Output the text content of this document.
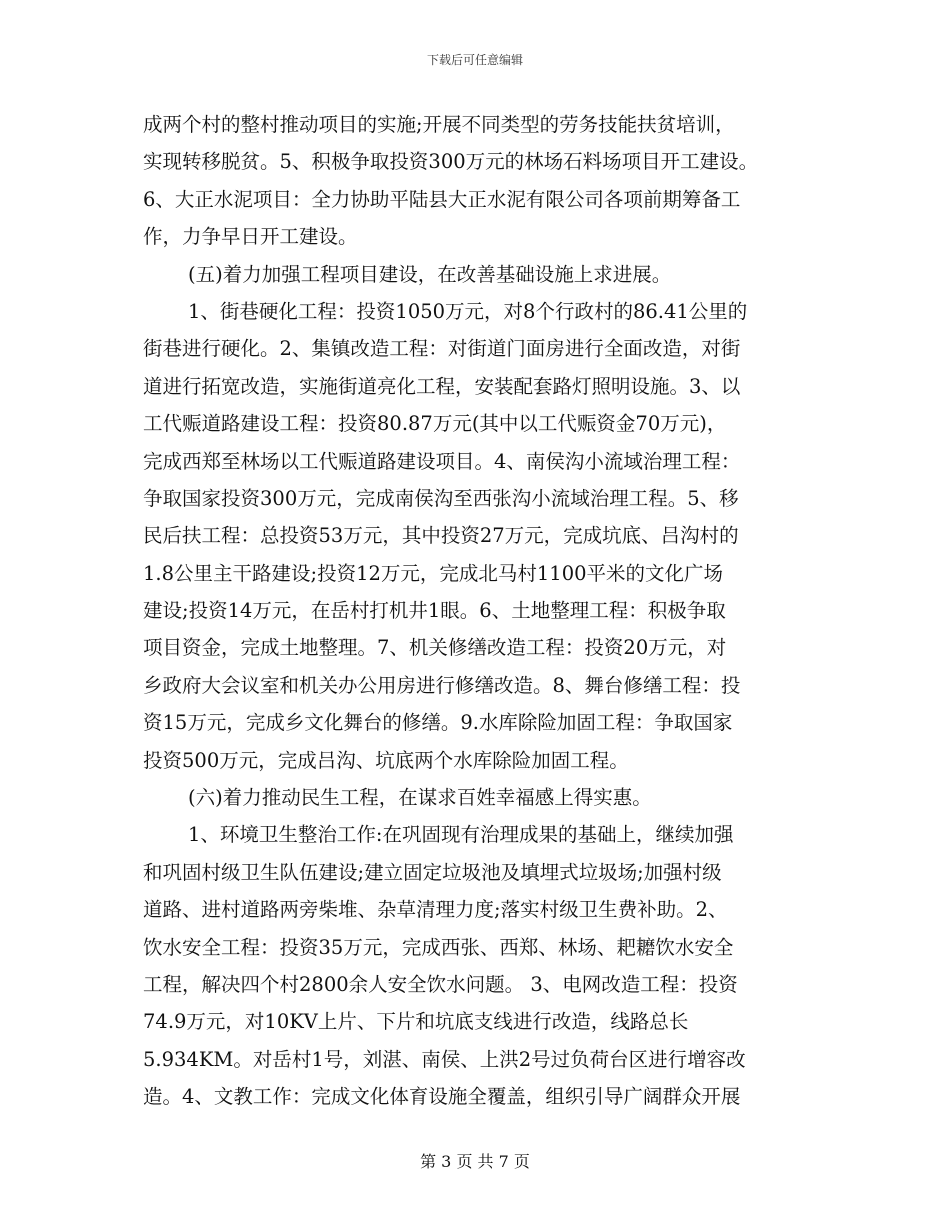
下载后可任意编辑
成两个村的整村推动项目的实施;开展不同类型的劳务技能扶贫培训，
实现转移脱贫。5、积极争取投资300万元的林场石料场项目开工建设。
6、大正水泥项目：全力协助平陆县大正水泥有限公司各项前期筹备工
作，力争早日开工建设。
(五)着力加强工程项目建设，在改善基础设施上求进展。
1、街巷硬化工程：投资1050万元，对8个行政村的86.41公里的
街巷进行硬化。2、集镇改造工程：对街道门面房进行全面改造，对街
道进行拓宽改造，实施街道亮化工程，安装配套路灯照明设施。3、以
工代赈道路建设工程：投资80.87万元(其中以工代赈资金70万元)，
完成西郑至林场以工代赈道路建设项目。4、南侯沟小流域治理工程：
争取国家投资300万元，完成南侯沟至西张沟小流域治理工程。5、移
民后扶工程：总投资53万元，其中投资27万元，完成坑底、吕沟村的
1.8公里主干路建设;投资12万元，完成北马村1100平米的文化广场
建设;投资14万元，在岳村打机井1眼。6、土地整理工程：积极争取
项目资金，完成土地整理。7、机关修缮改造工程：投资20万元，对
乡政府大会议室和机关办公用房进行修缮改造。8、舞台修缮工程：投
资15万元，完成乡文化舞台的修缮。9.水库除险加固工程：争取国家
投资500万元，完成吕沟、坑底两个水库除险加固工程。
(六)着力推动民生工程，在谋求百姓幸福感上得实惠。
1、环境卫生整治工作:在巩固现有治理成果的基础上，继续加强
和巩固村级卫生队伍建设;建立固定垃圾池及填埋式垃圾场;加强村级
道路、进村道路两旁柴堆、杂草清理力度;落实村级卫生费补助。2、
饮水安全工程：投资35万元，完成西张、西郑、林场、耙耱饮水安全
工程，解决四个村2800余人安全饮水问题。 3、电网改造工程：投资
74.9万元，对10KV上片、下片和坑底支线进行改造，线路总长
5.934KM。对岳村1号，刘湛、南侯、上洪2号过负荷台区进行增容改
造。4、文教工作：完成文化体育设施全覆盖，组织引导广阔群众开展
第 3 页 共 7 页
